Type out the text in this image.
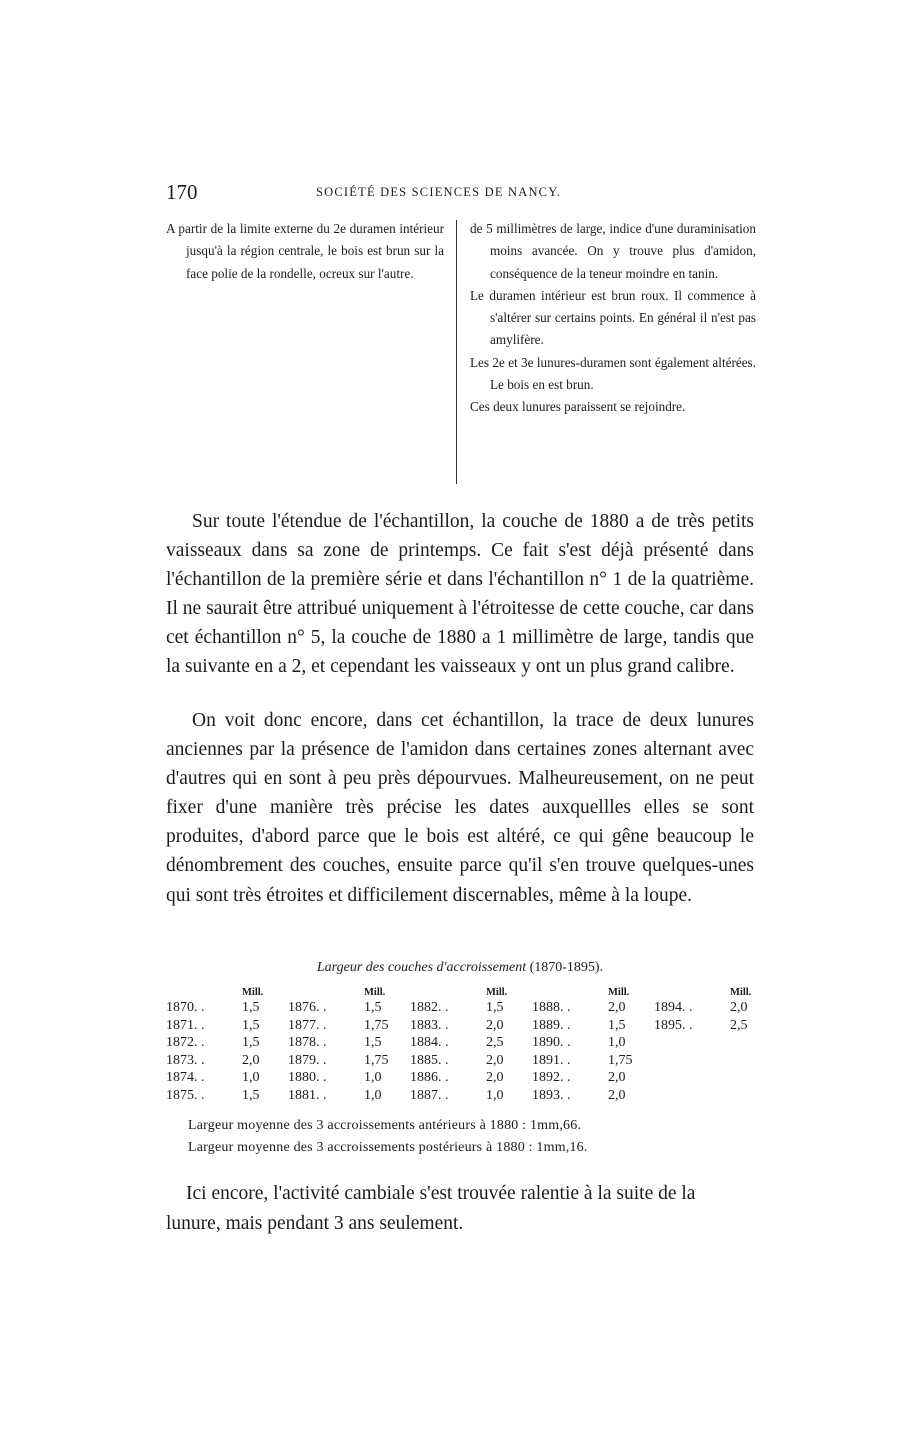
170	SOCIÉTÉ DES SCIENCES DE NANCY.

A partir de la limite externe du 2e duramen intérieur jusqu'à la région centrale, le bois est brun sur la face polie de la rondelle, ocreux sur l'autre.

de 5 millimètres de large, indice d'une duraminisation moins avancée. On y trouve plus d'amidon, conséquence de la teneur moindre en tanin.

Le duramen intérieur est brun roux. Il commence à s'altérer sur certains points. En général il n'est pas amylifère.

Les 2e et 3e lunures-duramen sont également altérées. Le bois en est brun.

Ces deux lunures paraissent se rejoindre.

Sur toute l'étendue de l'échantillon, la couche de 1880 a de très petits vaisseaux dans sa zone de printemps. Ce fait s'est déjà présenté dans l'échantillon de la première série et dans l'échantillon n° 1 de la quatrième. Il ne saurait être attribué uniquement à l'étroitesse de cette couche, car dans cet échantillon n° 5, la couche de 1880 a 1 millimètre de large, tandis que la suivante en a 2, et cependant les vaisseaux y ont un plus grand calibre.

On voit donc encore, dans cet échantillon, la trace de deux lunures anciennes par la présence de l'amidon dans certaines zones alternant avec d'autres qui en sont à peu près dépourvues. Malheureusement, on ne peut fixer d'une manière très précise les dates auxquellles elles se sont produites, d'abord parce que le bois est altéré, ce qui gêne beaucoup le dénombrement des couches, ensuite parce qu'il s'en trouve quelques-unes qui sont très étroites et difficilement discernables, même à la loupe.

Largeur des couches d'accroissement (1870-1895).
	Mill.		Mill.		Mill.		Mill.		Mill.
1870. .	1,5	1876. .	1,5	1882. .	1,5	1888. .	2,0	1894. .	2,0
1871. .	1,5	1877. .	1,75	1883. .	2,0	1889. .	1,5	1895. .	2,5
1872. .	1,5	1878. .	1,5	1884. .	2,5	1890. .	1,0		
1873. .	2,0	1879. .	1,75	1885. .	2,0	1891. .	1,75		
1874. .	1,0	1880. .	1,0	1886. .	2,0	1892. .	2,0		
1875. .	1,5	1881. .	1,0	1887. .	1,0	1893. .	2,0		
Largeur moyenne des 3 accroissements antérieurs à 1880 : 1mm,66.
Largeur moyenne des 3 accroissements postérieurs à 1880 : 1mm,16.

Ici encore, l'activité cambiale s'est trouvée ralentie à la suite de la lunure, mais pendant 3 ans seulement.
